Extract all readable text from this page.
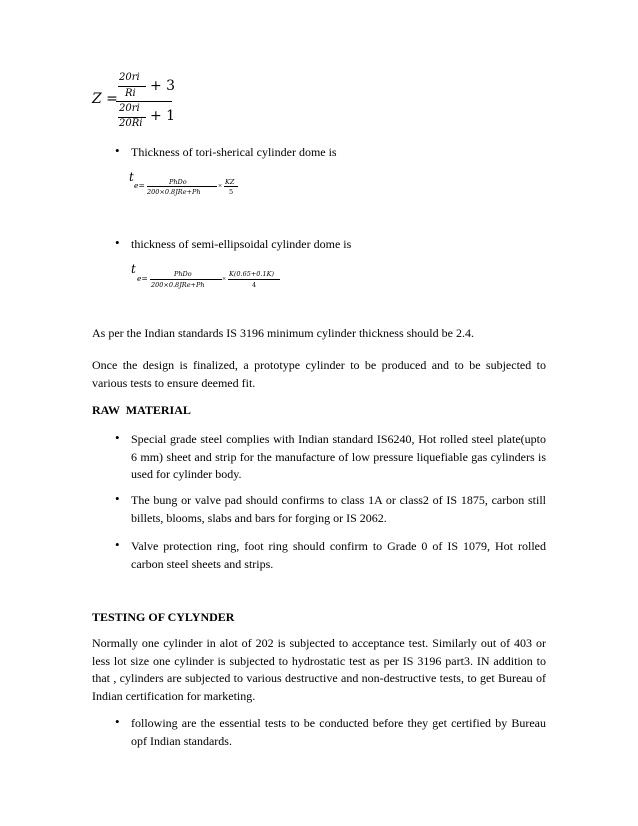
Z =
20ri
Ri + 3
20ri
20Ri + 1
• Thickness of tori-sherical cylinder dome is
t
e=	PhDo
200×0.8JRe+Ph
× KZ
5
• thickness of semi-ellipsoidal cylinder dome is
t
e=	PhDo
200×0.8JRe+Ph
× K(0.65+0.1K)
4
As per the Indian standards IS 3196 minimum cylinder thickness should be 2.4.
Once the design is finalized, a prototype cylinder to be produced and to be subjected to various tests to ensure deemed fit.
RAW MATERIAL
• Special grade steel complies with Indian standard IS6240, Hot rolled steel plate(upto 6 mm) sheet and strip for the manufacture of low pressure liquefiable gas cylinders is used for cylinder body.
• The bung or valve pad should confirms to class 1A or class2 of IS 1875, carbon still billets, blooms, slabs and bars for forging or IS 2062.
• Valve protection ring, foot ring should confirm to Grade 0 of IS 1079, Hot rolled carbon steel sheets and strips.
TESTING OF CYLYNDER
Normally one cylinder in alot of 202 is subjected to acceptance test. Similarly out of 403 or less lot size one cylinder is subjected to hydrostatic test as per IS 3196 part3. IN addition to that , cylinders are subjected to various destructive and non-destructive tests, to get Bureau of Indian certification for marketing.
• following are the essential tests to be conducted before they get certified by Bureau opf Indian standards.
